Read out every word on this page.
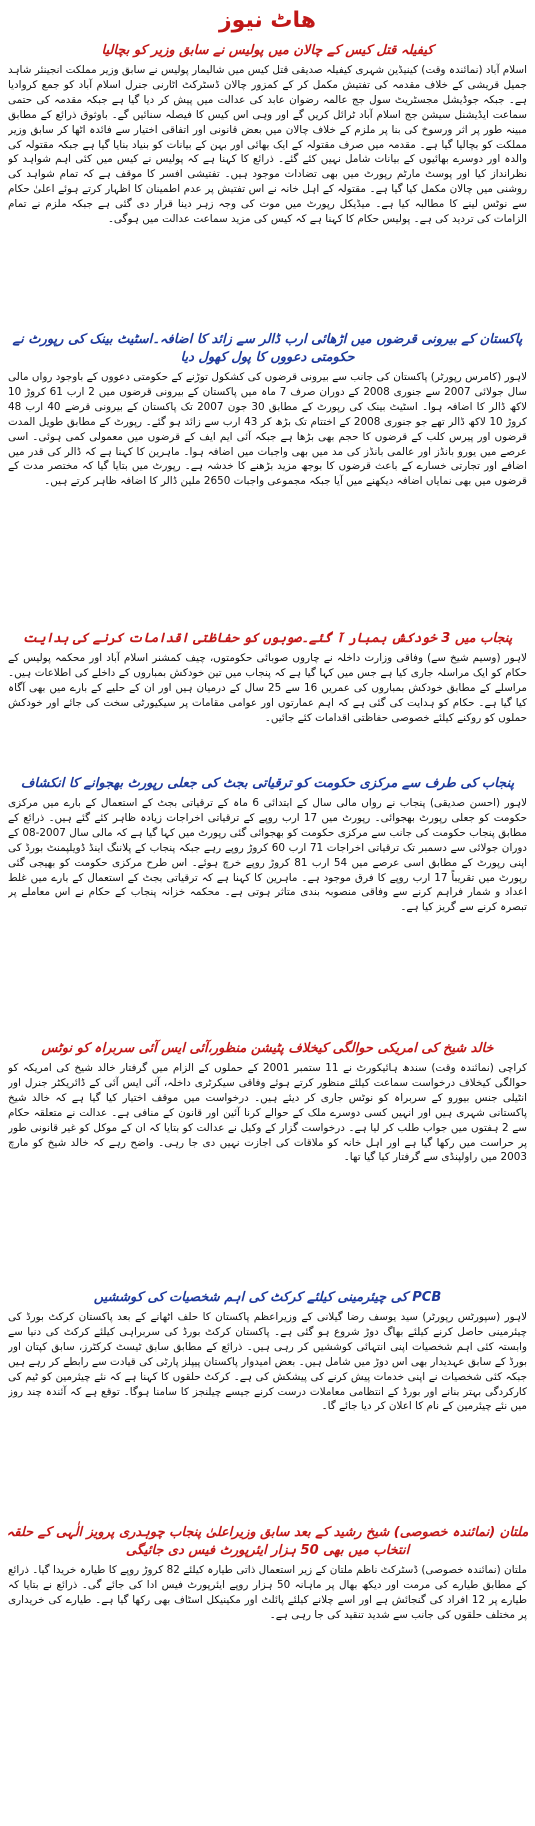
هاٹ نیوز
کیفیلہ قتل کیس کے چالان میں پولیس نے سابق وزیر کو بچالیا
اسلام آباد (نمائندہ وقت) کینیڈین شہری کیفیلہ صدیقی قتل کیس میں شالیمار پولیس نے سابق وزیر مملکت انجینئر شاہد جمیل قریشی کے خلاف مقدمہ کی تفتیش مکمل کر کے کمزور چالان ڈسٹرکٹ اٹارنی جنرل اسلام آباد کو جمع کروادیا ہے۔ جبکہ جوڈیشل مجسٹریٹ سول جج عالمہ رضوان عابد کی عدالت میں پیش کر دیا گیا ہے جبکہ مقدمہ کی حتمی سماعت ایڈیشنل سیشن جج اسلام آباد ٹرائل کریں گے اور وہی اس کیس کا فیصلہ سنائیں گے۔ باوثوق ذرائع کے مطابق مبینہ طور پر اثر ورسوخ کی بنا پر ملزم کے خلاف چالان میں بعض قانونی اور اتفاقی اختیار سے فائدہ اٹھا کر سابق وزیر مملکت کو بچالیا گیا ہے۔ مقدمہ میں صرف مقتولہ کے ایک بھائی اور بہن کے بیانات کو بنیاد بنایا گیا ہے جبکہ مقتولہ کی والدہ اور دوسرے بھائیوں کے بیانات شامل نہیں کئے گئے۔ ذرائع کا کہنا ہے کہ پولیس نے کیس میں کئی اہم شواہد کو نظرانداز کیا اور پوسٹ مارٹم رپورٹ میں بھی تضادات موجود ہیں۔ تفتیشی افسر کا موقف ہے کہ تمام شواہد کی روشنی میں چالان مکمل کیا گیا ہے۔ مقتولہ کے اہل خانہ نے اس تفتیش پر عدم اطمینان کا اظہار کرتے ہوئے اعلیٰ حکام سے نوٹس لینے کا مطالبہ کیا ہے۔ میڈیکل رپورٹ میں موت کی وجہ زہر دینا قرار دی گئی ہے جبکہ ملزم نے تمام الزامات کی تردید کی ہے۔ پولیس حکام کا کہنا ہے کہ کیس کی مزید سماعت عدالت میں ہوگی۔
پاکستان کے بیرونی قرضوں میں اڑھائی ارب ڈالر سے زائد کا اضافہ۔اسٹیٹ بینک کی رپورٹ نے حکومتی دعووں کا پول کھول دیا
لاہور (کامرس رپورٹر) پاکستان کی جانب سے بیرونی قرضوں کی کشکول توڑنے کے حکومتی دعووں کے باوجود رواں مالی سال جولائی 2007 سے جنوری 2008 کے دوران صرف 7 ماہ میں پاکستان کے بیرونی قرضوں میں 2 ارب 61 کروڑ 10 لاکھ ڈالر کا اضافہ ہوا۔ اسٹیٹ بینک کی رپورٹ کے مطابق 30 جون 2007 تک پاکستان کے بیرونی قرضے 40 ارب 48 کروڑ 10 لاکھ ڈالر تھے جو جنوری 2008 کے اختتام تک بڑھ کر 43 ارب سے زائد ہو گئے۔ رپورٹ کے مطابق طویل المدت قرضوں اور پیرس کلب کے قرضوں کا حجم بھی بڑھا ہے جبکہ آئی ایم ایف کے قرضوں میں معمولی کمی ہوئی۔ اسی عرصے میں یورو بانڈز اور عالمی بانڈز کی مد میں بھی واجبات میں اضافہ ہوا۔ ماہرین کا کہنا ہے کہ ڈالر کی قدر میں اضافے اور تجارتی خسارے کے باعث قرضوں کا بوجھ مزید بڑھنے کا خدشہ ہے۔ رپورٹ میں بتایا گیا کہ مختصر مدت کے قرضوں میں بھی نمایاں اضافہ دیکھنے میں آیا جبکہ مجموعی واجبات 2650 ملین ڈالر کا اضافہ ظاہر کرتے ہیں۔
پنجاب میں 3 خودکش بمبار آ گئے۔صوبوں کو حفاظتی اقدامات کرنے کی ہدایت
لاہور (وسیم شیخ سے) وفاقی وزارت داخلہ نے چاروں صوبائی حکومتوں، چیف کمشنر اسلام آباد اور محکمہ پولیس کے حکام کو ایک مراسلہ جاری کیا ہے جس میں کہا گیا ہے کہ پنجاب میں تین خودکش بمباروں کے داخلے کی اطلاعات ہیں۔ مراسلے کے مطابق خودکش بمباروں کی عمریں 16 سے 25 سال کے درمیان ہیں اور ان کے حلیے کے بارے میں بھی آگاہ کیا گیا ہے۔ حکام کو ہدایت کی گئی ہے کہ اہم عمارتوں اور عوامی مقامات پر سیکیورٹی سخت کی جائے اور خودکش حملوں کو روکنے کیلئے خصوصی حفاظتی اقدامات کئے جائیں۔
پنجاب کی طرف سے مرکزی حکومت کو ترقیاتی بجٹ کی جعلی رپورٹ بھجوانے کا انکشاف
لاہور (احسن صدیقی) پنجاب نے رواں مالی سال کے ابتدائی 6 ماہ کے ترقیاتی بجٹ کے استعمال کے بارے میں مرکزی حکومت کو جعلی رپورٹ بھجوائی۔ رپورٹ میں 17 ارب روپے کے ترقیاتی اخراجات زیادہ ظاہر کئے گئے ہیں۔ ذرائع کے مطابق پنجاب حکومت کی جانب سے مرکزی حکومت کو بھجوائی گئی رپورٹ میں کہا گیا ہے کہ مالی سال 2007-08 کے دوران جولائی سے دسمبر تک ترقیاتی اخراجات 71 ارب 60 کروڑ روپے رہے جبکہ پنجاب کے پلاننگ اینڈ ڈویلپمنٹ بورڈ کی اپنی رپورٹ کے مطابق اسی عرصے میں 54 ارب 81 کروڑ روپے خرچ ہوئے۔ اس طرح مرکزی حکومت کو بھیجی گئی رپورٹ میں تقریباً 17 ارب روپے کا فرق موجود ہے۔ ماہرین کا کہنا ہے کہ ترقیاتی بجٹ کے استعمال کے بارے میں غلط اعداد و شمار فراہم کرنے سے وفاقی منصوبہ بندی متاثر ہوتی ہے۔ محکمہ خزانہ پنجاب کے حکام نے اس معاملے پر تبصرہ کرنے سے گریز کیا ہے۔
خالد شیخ کی امریکی حوالگی کیخلاف پٹیشن منظور،آئی ایس آئی سربراہ کو نوٹس
کراچی (نمائندہ وقت) سندھ ہائیکورٹ نے 11 ستمبر 2001 کے حملوں کے الزام میں گرفتار خالد شیخ کی امریکہ کو حوالگی کیخلاف درخواست سماعت کیلئے منظور کرتے ہوئے وفاقی سیکرٹری داخلہ، آئی ایس آئی کے ڈائریکٹر جنرل اور انٹیلی جنس بیورو کے سربراہ کو نوٹس جاری کر دیئے ہیں۔ درخواست میں موقف اختیار کیا گیا ہے کہ خالد شیخ پاکستانی شہری ہیں اور انہیں کسی دوسرے ملک کے حوالے کرنا آئین اور قانون کے منافی ہے۔ عدالت نے متعلقہ حکام سے 2 ہفتوں میں جواب طلب کر لیا ہے۔ درخواست گزار کے وکیل نے عدالت کو بتایا کہ ان کے موکل کو غیر قانونی طور پر حراست میں رکھا گیا ہے اور اہل خانہ کو ملاقات کی اجازت نہیں دی جا رہی۔ واضح رہے کہ خالد شیخ کو مارچ 2003 میں راولپنڈی سے گرفتار کیا گیا تھا۔
PCB کی چیئرمینی کیلئے کرکٹ کی اہم شخصیات کی کوششیں
لاہور (سپورٹس رپورٹر) سید یوسف رضا گیلانی کے وزیراعظم پاکستان کا حلف اٹھانے کے بعد پاکستان کرکٹ بورڈ کی چیئرمینی حاصل کرنے کیلئے بھاگ دوڑ شروع ہو گئی ہے۔ پاکستان کرکٹ بورڈ کی سربراہی کیلئے کرکٹ کی دنیا سے وابستہ کئی اہم شخصیات اپنی انتہائی کوششیں کر رہی ہیں۔ ذرائع کے مطابق سابق ٹیسٹ کرکٹرز، سابق کپتان اور بورڈ کے سابق عہدیدار بھی اس دوڑ میں شامل ہیں۔ بعض امیدوار پاکستان پیپلز پارٹی کی قیادت سے رابطے کر رہے ہیں جبکہ کئی شخصیات نے اپنی خدمات پیش کرنے کی پیشکش کی ہے۔ کرکٹ حلقوں کا کہنا ہے کہ نئے چیئرمین کو ٹیم کی کارکردگی بہتر بنانے اور بورڈ کے انتظامی معاملات درست کرنے جیسے چیلنجز کا سامنا ہوگا۔ توقع ہے کہ آئندہ چند روز میں نئے چیئرمین کے نام کا اعلان کر دیا جائے گا۔
ملتان (نمائندہ خصوصی) شیخ رشید کے بعد سابق وزیراعلیٰ پنجاب چوہدری پرویز الٰہی کے حلقہ انتخاب میں بھی 50 ہزار ایئرپورٹ فیس دی جائیگی
ملتان (نمائندہ خصوصی) ڈسٹرکٹ ناظم ملتان کے زیر استعمال ذاتی طیارہ کیلئے 82 کروڑ روپے کا طیارہ خریدا گیا۔ ذرائع کے مطابق طیارے کی مرمت اور دیکھ بھال پر ماہانہ 50 ہزار روپے ایئرپورٹ فیس ادا کی جائے گی۔ ذرائع نے بتایا کہ طیارے پر 12 افراد کی گنجائش ہے اور اسے چلانے کیلئے پائلٹ اور مکینیکل اسٹاف بھی رکھا گیا ہے۔ طیارے کی خریداری پر مختلف حلقوں کی جانب سے شدید تنقید کی جا رہی ہے۔
